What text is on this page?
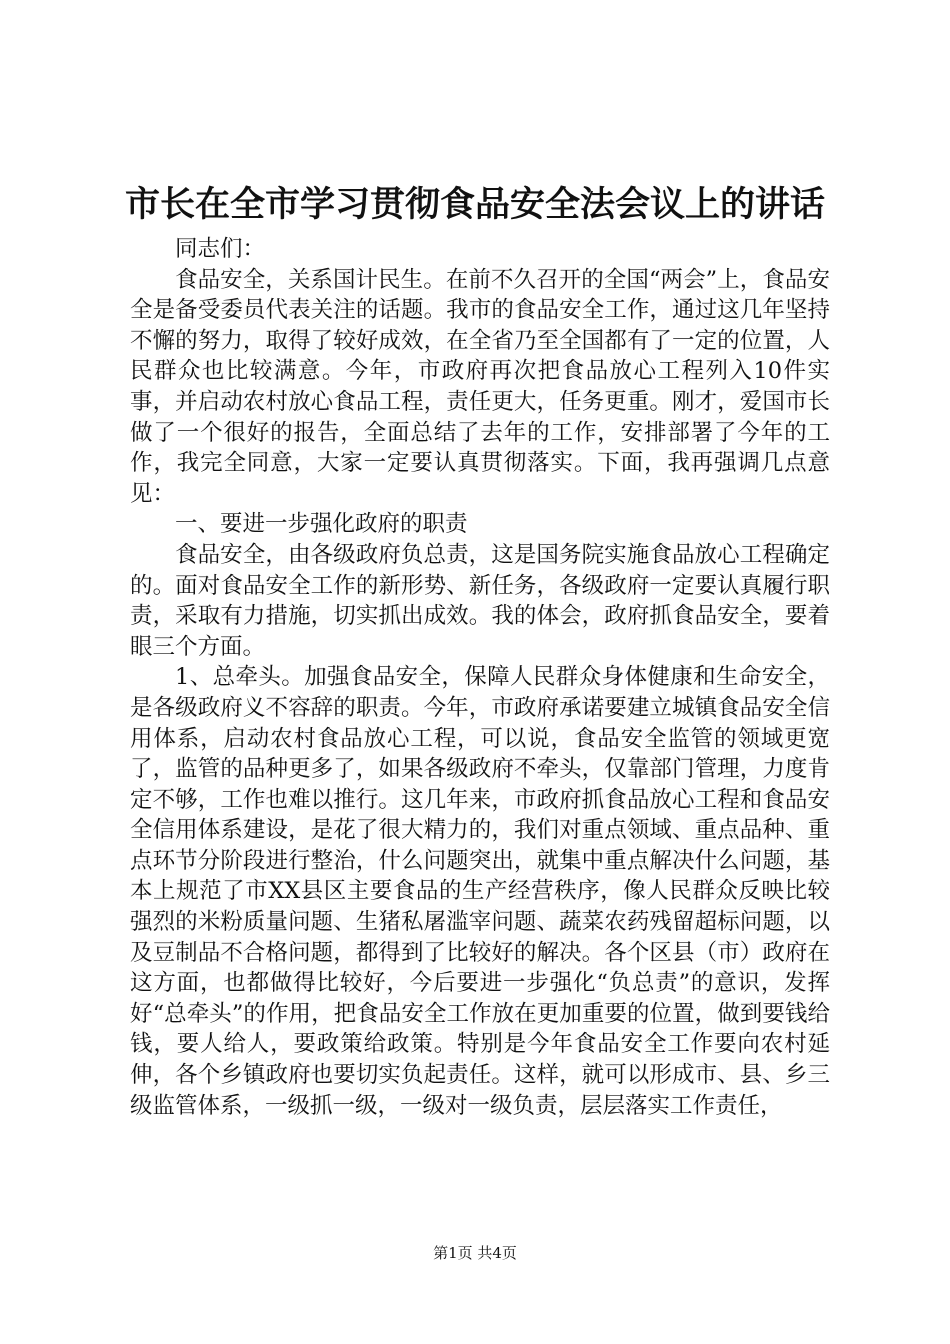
市长在全市学习贯彻食品安全法会议上的讲话

同志们：

食品安全，关系国计民生。在前不久召开的全国“两会”上，食品安全是备受委员代表关注的话题。我市的食品安全工作，通过这几年坚持不懈的努力，取得了较好成效，在全省乃至全国都有了一定的位置，人民群众也比较满意。今年，市政府再次把食品放心工程列入10件实事，并启动农村放心食品工程，责任更大，任务更重。刚才，爱国市长做了一个很好的报告，全面总结了去年的工作，安排部署了今年的工作，我完全同意，大家一定要认真贯彻落实。下面，我再强调几点意见：

一、要进一步强化政府的职责

食品安全，由各级政府负总责，这是国务院实施食品放心工程确定的。面对食品安全工作的新形势、新任务，各级政府一定要认真履行职责，采取有力措施，切实抓出成效。我的体会，政府抓食品安全，要着眼三个方面。

1、总牵头。加强食品安全，保障人民群众身体健康和生命安全，是各级政府义不容辞的职责。今年，市政府承诺要建立城镇食品安全信用体系，启动农村食品放心工程，可以说，食品安全监管的领域更宽了，监管的品种更多了，如果各级政府不牵头，仅靠部门管理，力度肯定不够，工作也难以推行。这几年来，市政府抓食品放心工程和食品安全信用体系建设，是花了很大精力的，我们对重点领域、重点品种、重点环节分阶段进行整治，什么问题突出，就集中重点解决什么问题，基本上规范了市XX县区主要食品的生产经营秩序，像人民群众反映比较强烈的米粉质量问题、生猪私屠滥宰问题、蔬菜农药残留超标问题，以及豆制品不合格问题，都得到了比较好的解决。各个区县（市）政府在这方面，也都做得比较好，今后要进一步强化“负总责”的意识，发挥好“总牵头”的作用，把食品安全工作放在更加重要的位置，做到要钱给钱，要人给人，要政策给政策。特别是今年食品安全工作要向农村延伸，各个乡镇政府也要切实负起责任。这样，就可以形成市、县、乡三级监管体系，一级抓一级，一级对一级负责，层层落实工作责任，

第1页 共4页
